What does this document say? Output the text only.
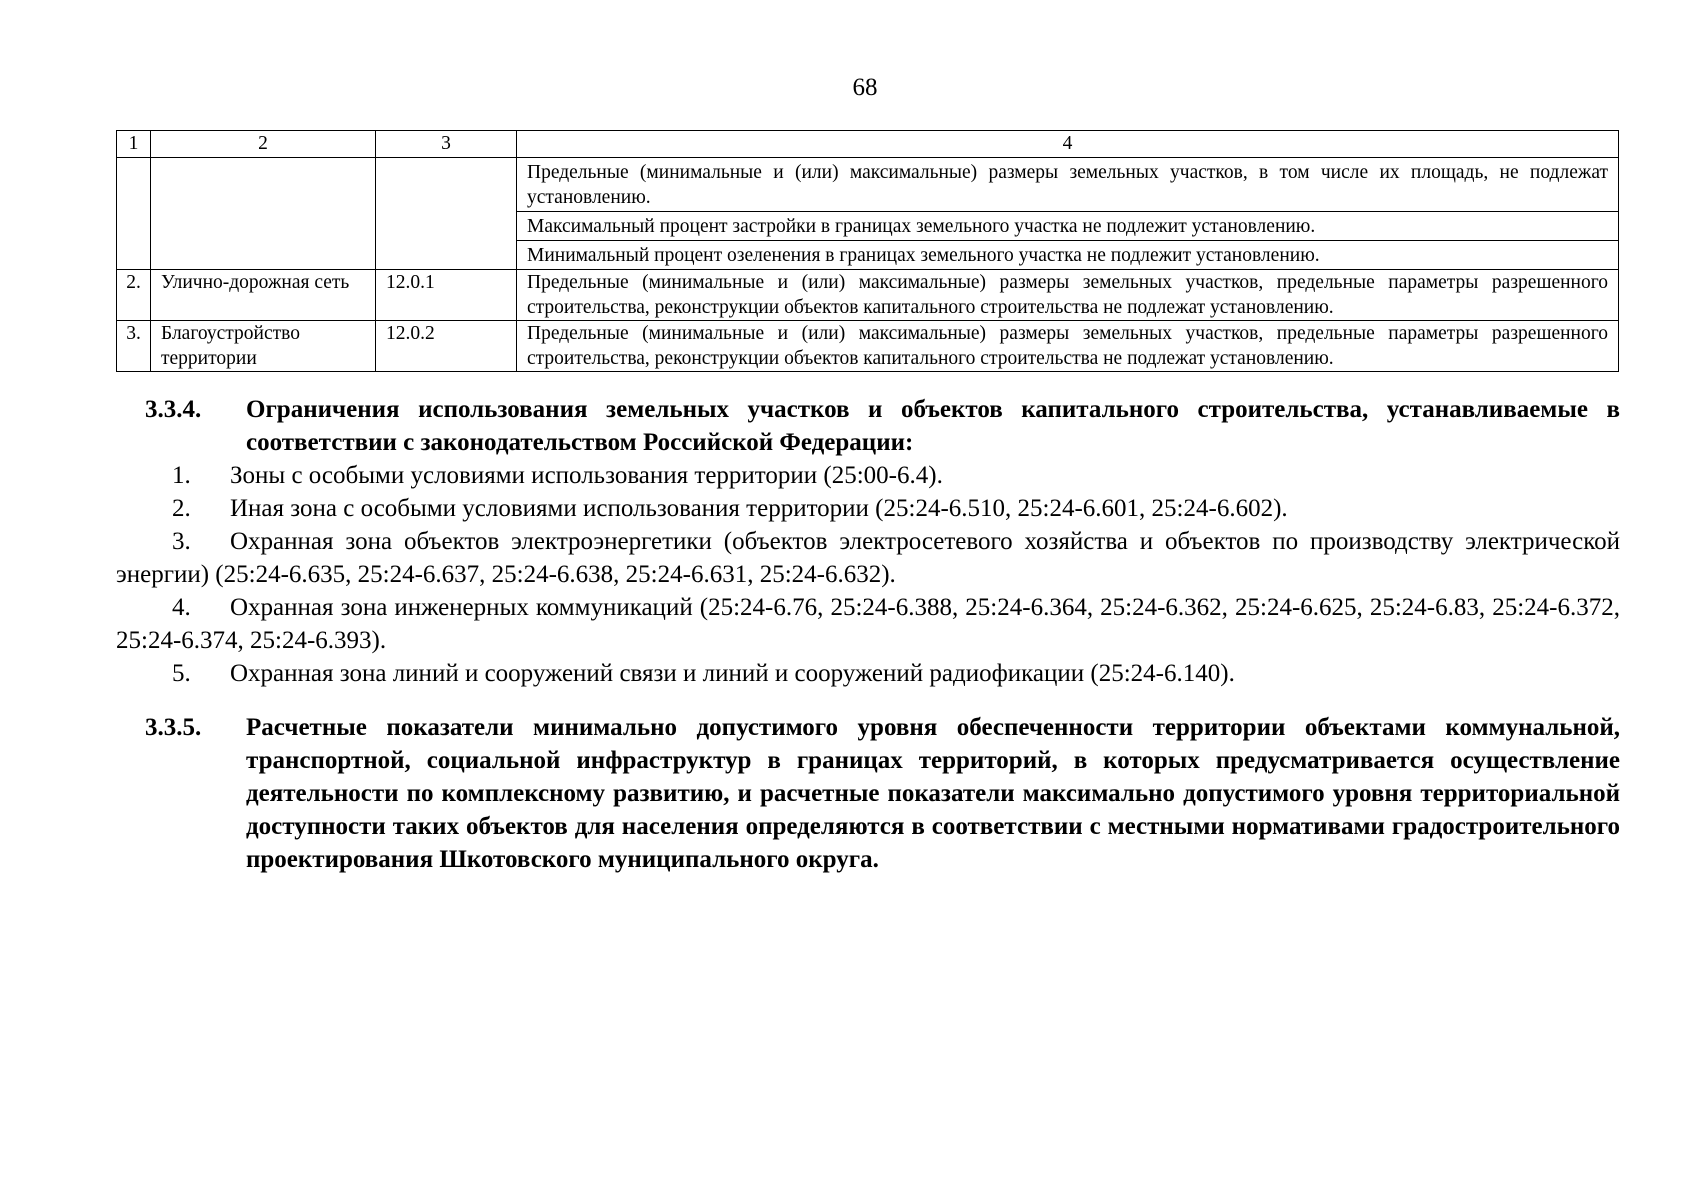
68
1	2	3	4
			Предельные (минимальные и (или) максимальные) размеры земельных участков, в том числе их площадь, не подлежат установлению.
			Максимальный процент застройки в границах земельного участка не подлежит установлению.
			Минимальный процент озеленения в границах земельного участка не подлежит установлению.
2.	Улично-дорожная сеть	12.0.1	Предельные (минимальные и (или) максимальные) размеры земельных участков, предельные параметры разрешенного строительства, реконструкции объектов капитального строительства не подлежат установлению.
3.	Благоустройство территории	12.0.2	Предельные (минимальные и (или) максимальные) размеры земельных участков, предельные параметры разрешенного строительства, реконструкции объектов капитального строительства не подлежат установлению.
3.3.4.	Ограничения использования земельных участков и объектов капитального строительства, устанавливаемые в соответствии с законодательством Российской Федерации:
1. Зоны с особыми условиями использования территории (25:00-6.4).
2. Иная зона с особыми условиями использования территории (25:24-6.510, 25:24-6.601, 25:24-6.602).
3. Охранная зона объектов электроэнергетики (объектов электросетевого хозяйства и объектов по производству электрической энергии) (25:24-6.635, 25:24-6.637, 25:24-6.638, 25:24-6.631, 25:24-6.632).
4. Охранная зона инженерных коммуникаций (25:24-6.76, 25:24-6.388, 25:24-6.364, 25:24-6.362, 25:24-6.625, 25:24-6.83, 25:24-6.372, 25:24-6.374, 25:24-6.393).
5. Охранная зона линий и сооружений связи и линий и сооружений радиофикации (25:24-6.140).
3.3.5.	Расчетные показатели минимально допустимого уровня обеспеченности территории объектами коммунальной, транспортной, социальной инфраструктур в границах территорий, в которых предусматривается осуществление деятельности по комплексному развитию, и расчетные показатели максимально допустимого уровня территориальной доступности таких объектов для населения определяются в соответствии с местными нормативами градостроительного проектирования Шкотовского муниципального округа.
